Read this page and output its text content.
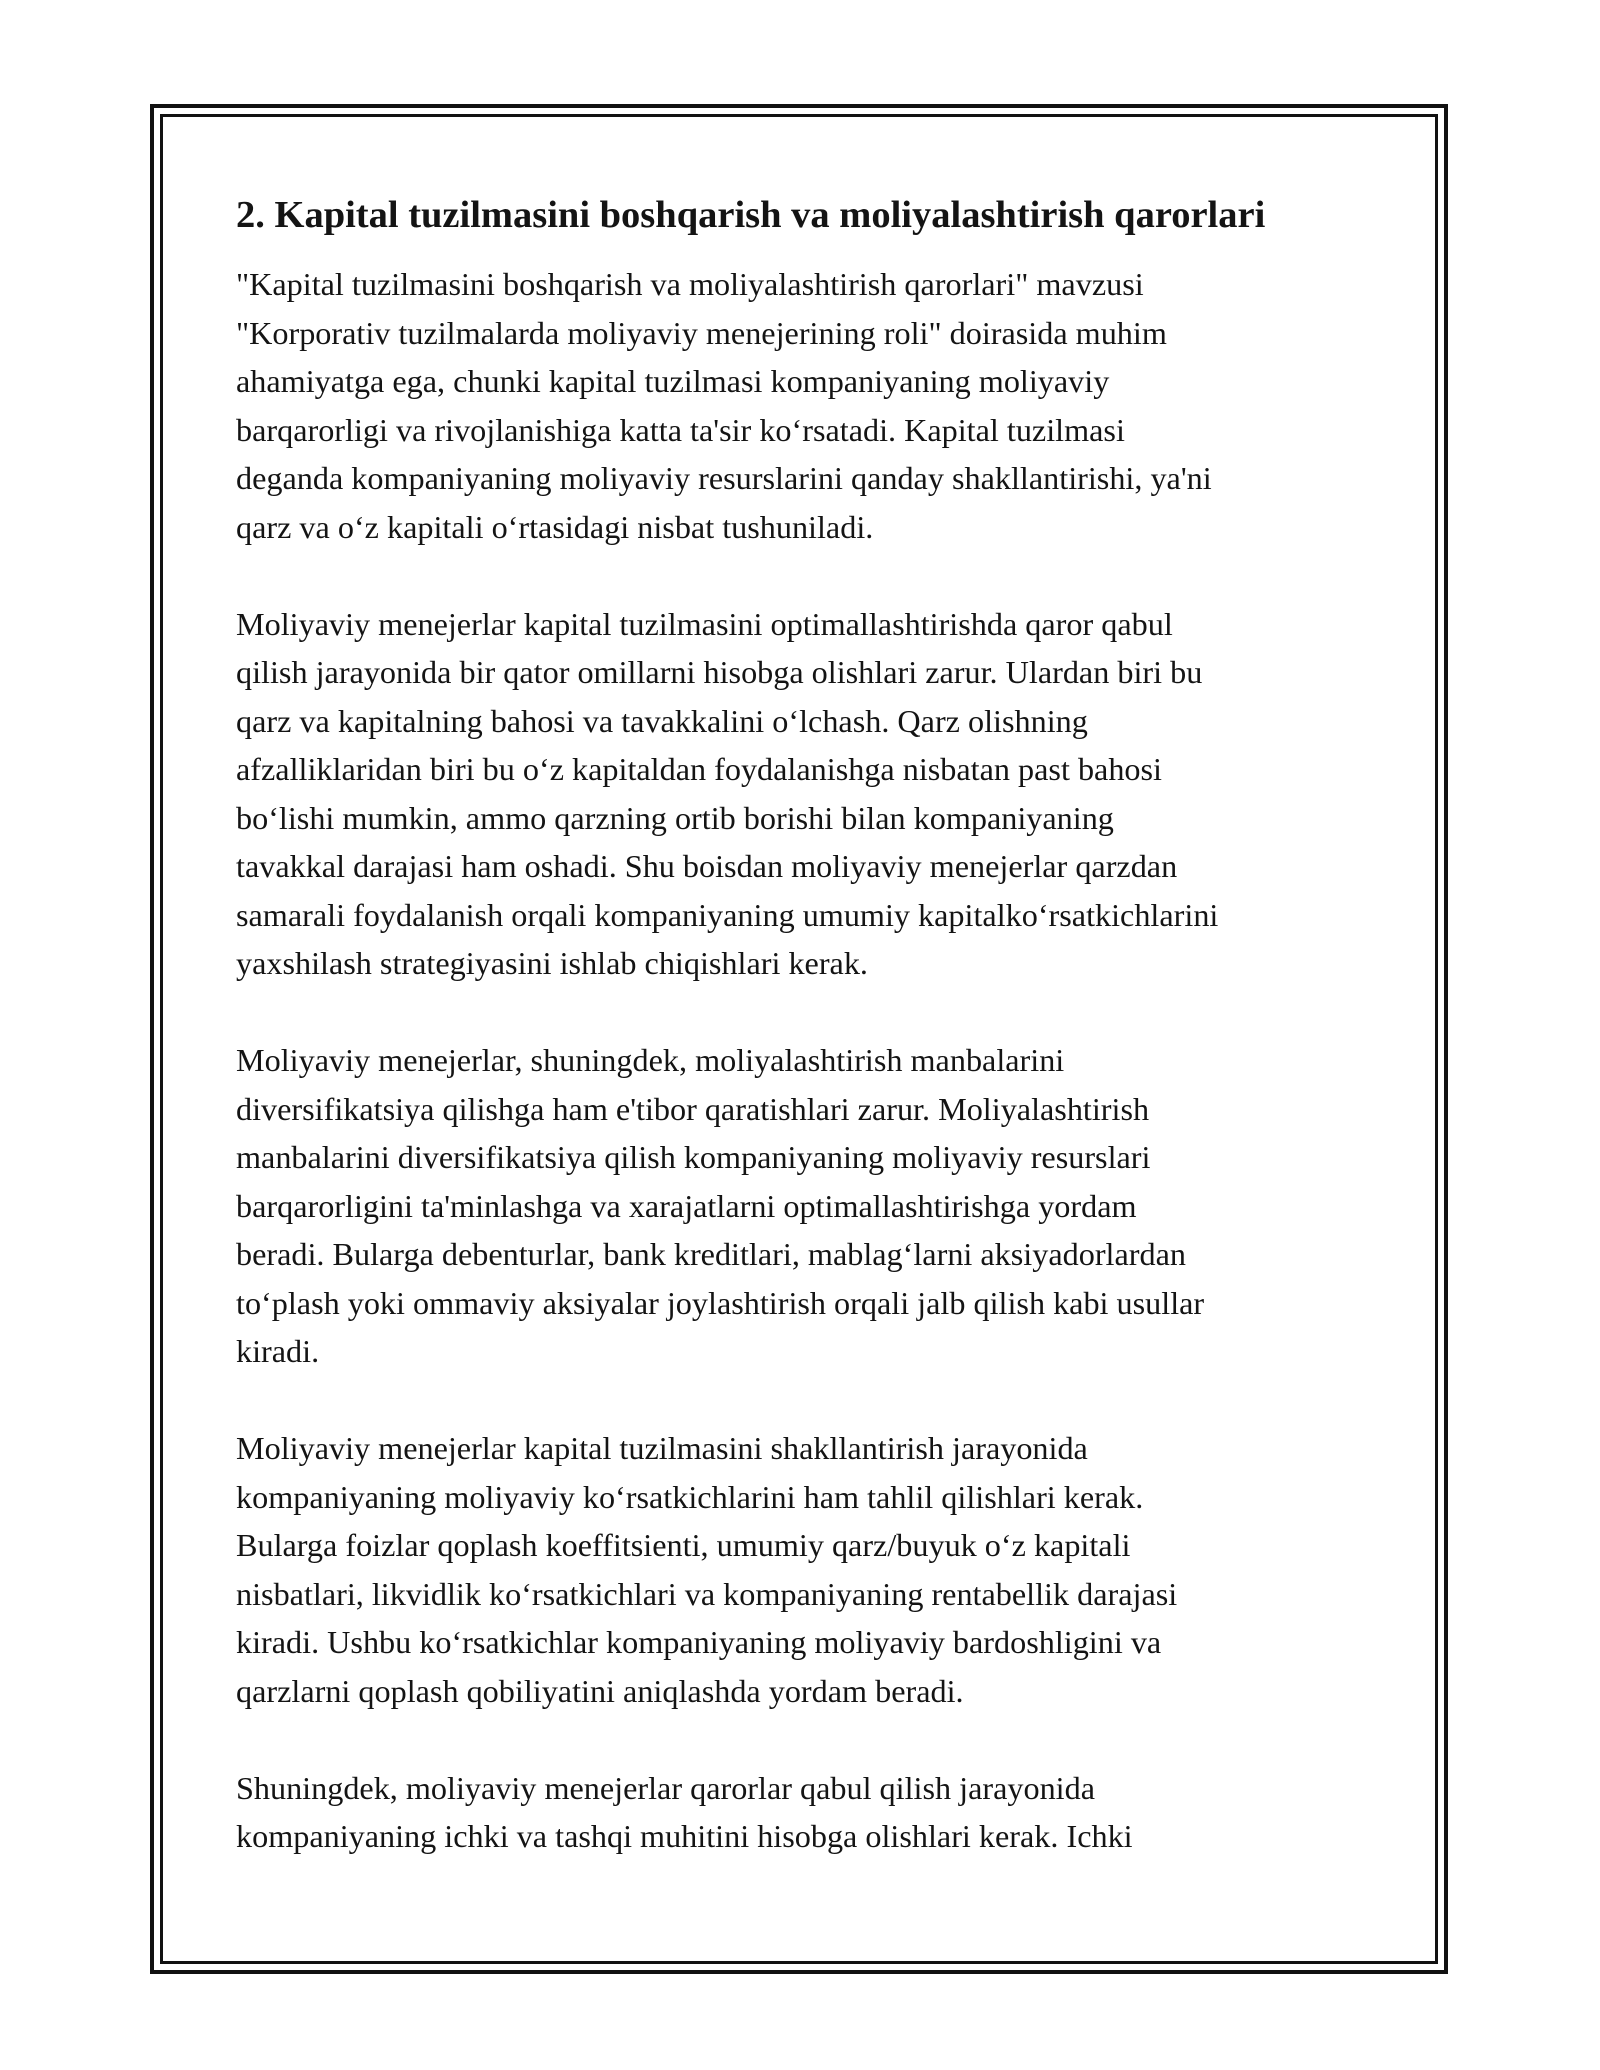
2. Kapital tuzilmasini boshqarish va moliyalashtirish qarorlari

"Kapital tuzilmasini boshqarish va moliyalashtirish qarorlari" mavzusi
"Korporativ tuzilmalarda moliyaviy menejerining roli" doirasida muhim
ahamiyatga ega, chunki kapital tuzilmasi kompaniyaning moliyaviy
barqarorligi va rivojlanishiga katta ta'sir koʻrsatadi. Kapital tuzilmasi
deganda kompaniyaning moliyaviy resurslarini qanday shakllantirishi, ya'ni
qarz va oʻz kapitali oʻrtasidagi nisbat tushuniladi.

Moliyaviy menejerlar kapital tuzilmasini optimallashtirishda qaror qabul
qilish jarayonida bir qator omillarni hisobga olishlari zarur. Ulardan biri bu
qarz va kapitalning bahosi va tavakkalini oʻlchash. Qarz olishning
afzalliklaridan biri bu oʻz kapitaldan foydalanishga nisbatan past bahosi
boʻlishi mumkin, ammo qarzning ortib borishi bilan kompaniyaning
tavakkal darajasi ham oshadi. Shu boisdan moliyaviy menejerlar qarzdan
samarali foydalanish orqali kompaniyaning umumiy kapitalkoʻrsatkichlarini
yaxshilash strategiyasini ishlab chiqishlari kerak.

Moliyaviy menejerlar, shuningdek, moliyalashtirish manbalarini
diversifikatsiya qilishga ham e'tibor qaratishlari zarur. Moliyalashtirish
manbalarini diversifikatsiya qilish kompaniyaning moliyaviy resurslari
barqarorligini ta'minlashga va xarajatlarni optimallashtirishga yordam
beradi. Bularga debenturlar, bank kreditlari, mablagʻlarni aksiyadorlardan
toʻplash yoki ommaviy aksiyalar joylashtirish orqali jalb qilish kabi usullar
kiradi.

Moliyaviy menejerlar kapital tuzilmasini shakllantirish jarayonida
kompaniyaning moliyaviy koʻrsatkichlarini ham tahlil qilishlari kerak.
Bularga foizlar qoplash koeffitsienti, umumiy qarz/buyuk oʻz kapitali
nisbatlari, likvidlik koʻrsatkichlari va kompaniyaning rentabellik darajasi
kiradi. Ushbu koʻrsatkichlar kompaniyaning moliyaviy bardoshligini va
qarzlarni qoplash qobiliyatini aniqlashda yordam beradi.

Shuningdek, moliyaviy menejerlar qarorlar qabul qilish jarayonida
kompaniyaning ichki va tashqi muhitini hisobga olishlari kerak. Ichki
